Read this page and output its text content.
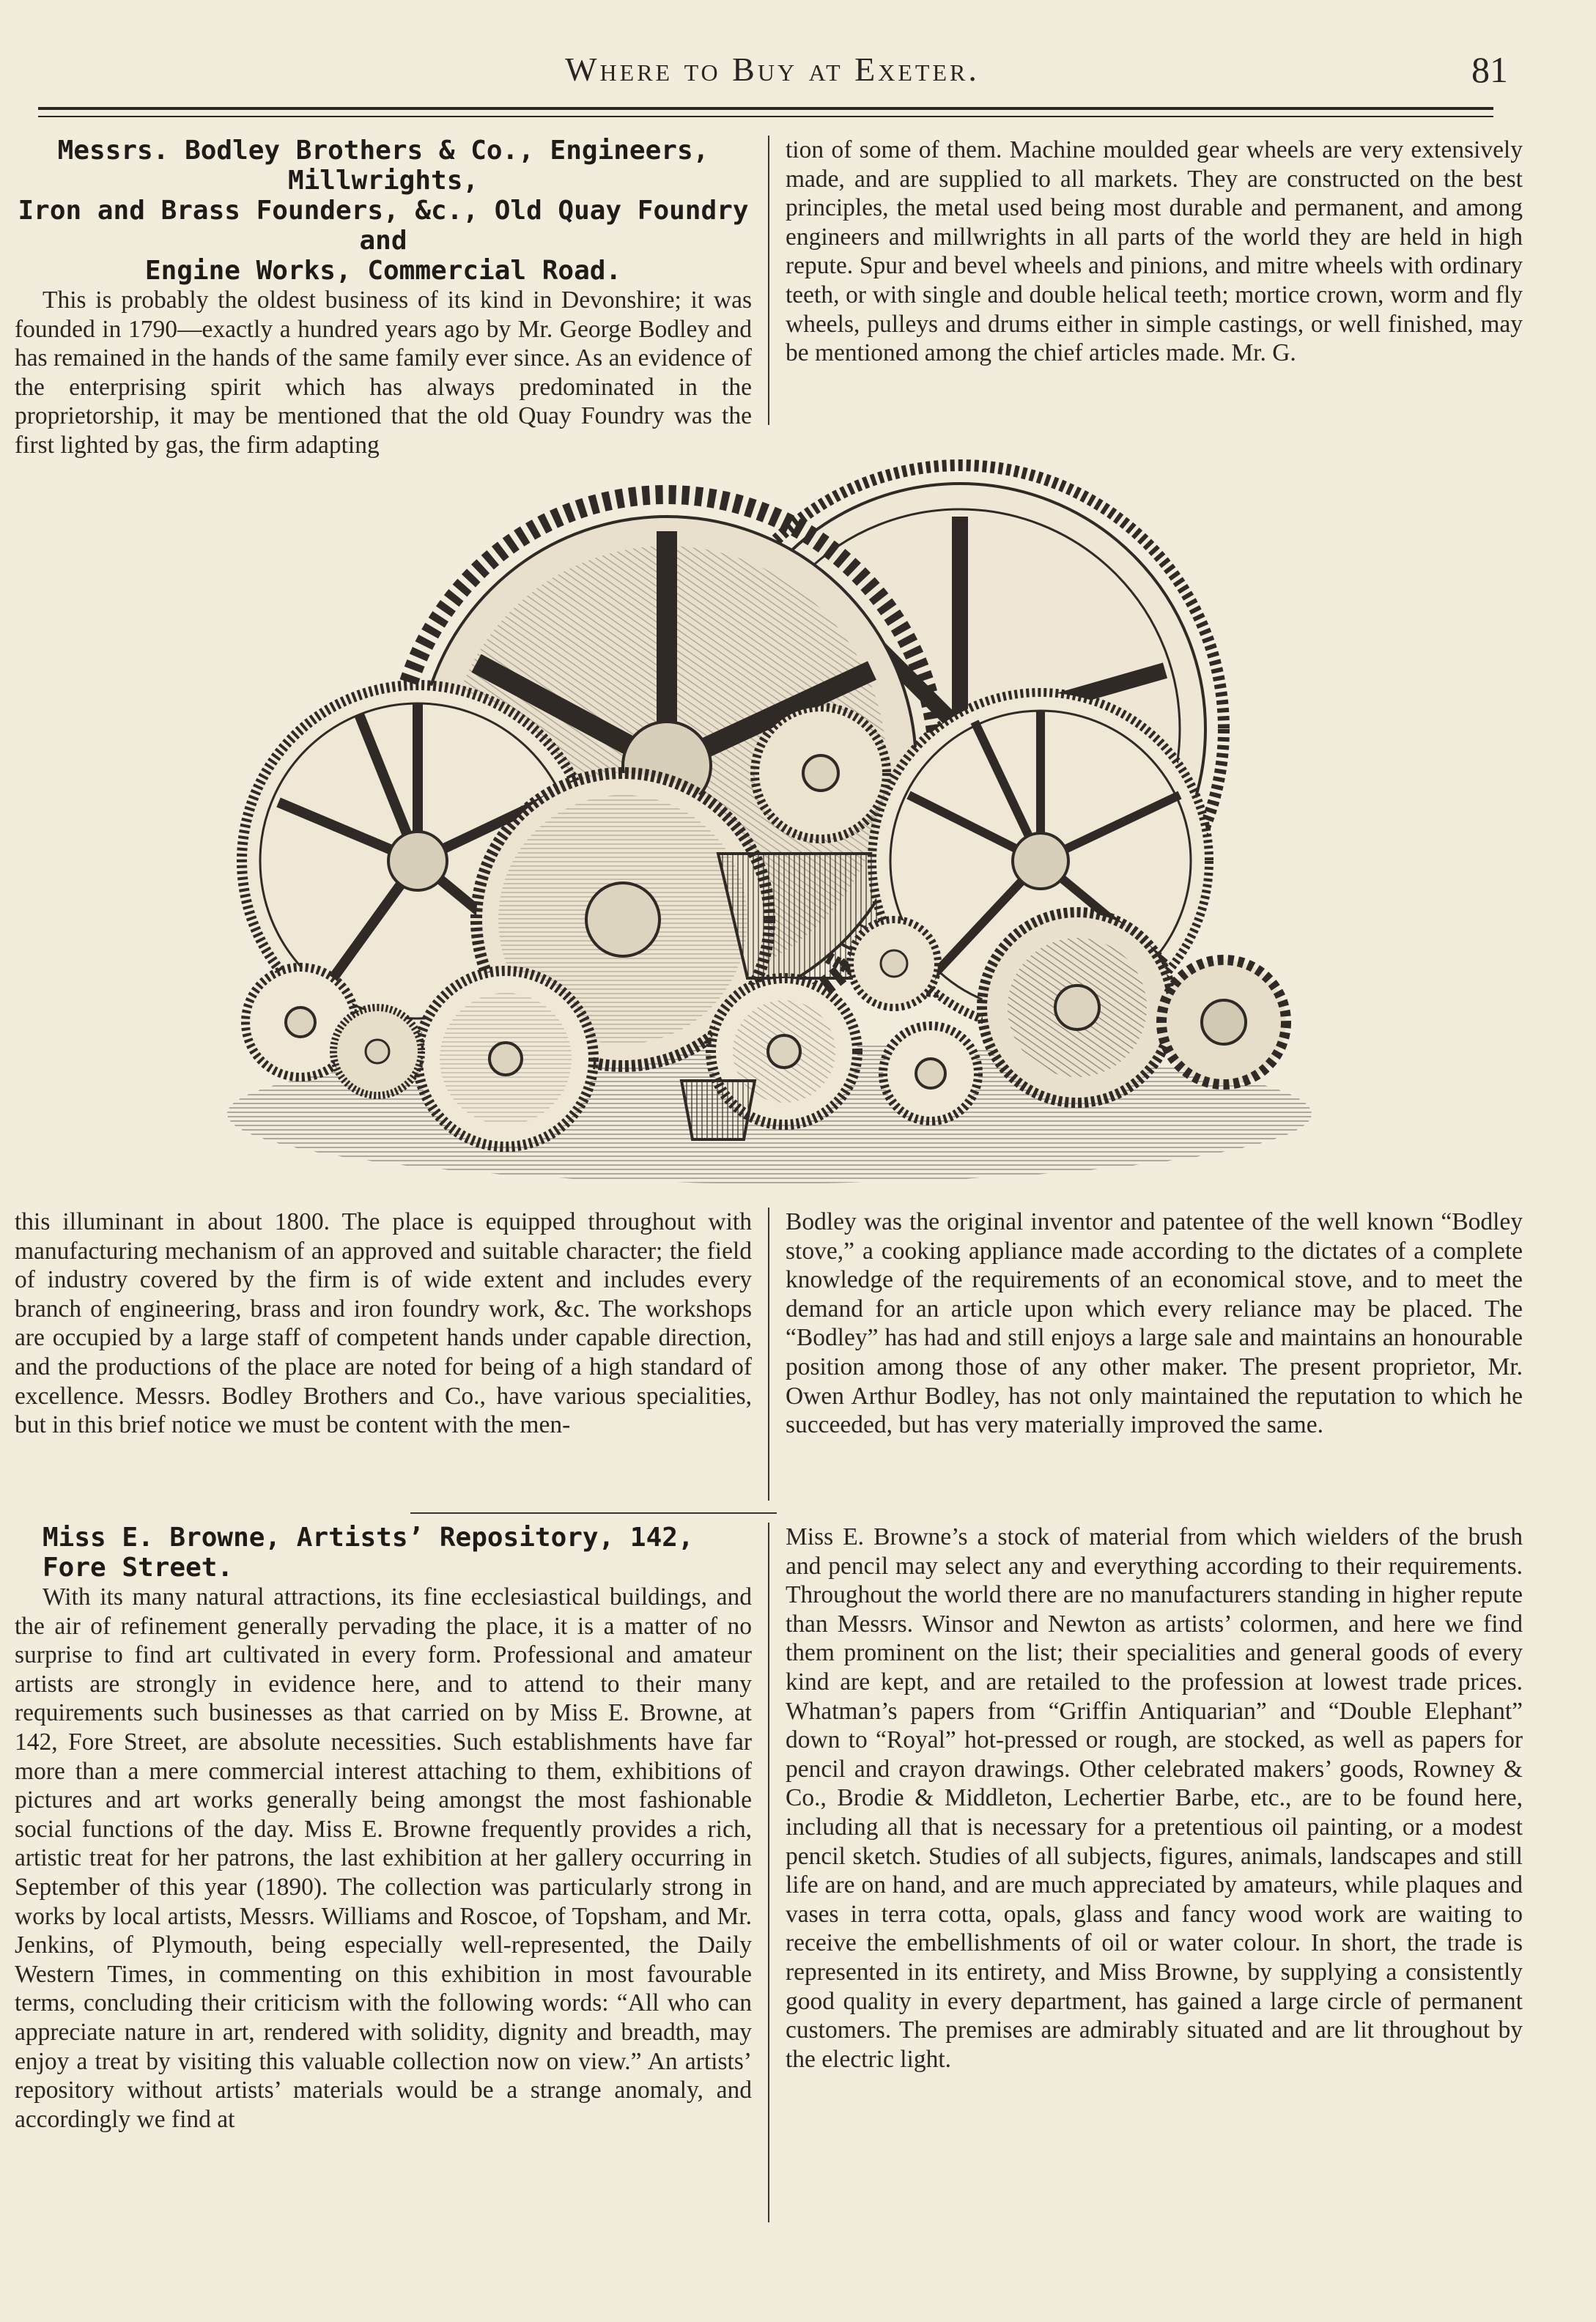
Where to Buy at Exeter.	81

Messrs. Bodley Brothers & Co., Engineers, Millwrights,

Iron and Brass Founders, &c., Old Quay Foundry and

Engine Works, Commercial Road.

This is probably the oldest business of its kind in Devonshire; it was founded in 1790—exactly a hundred years ago by Mr. George Bodley and has remained in the hands of the same family ever since. As an evidence of the enterprising spirit which has always predominated in the proprietorship, it may be mentioned that the old Quay Foundry was the first lighted by gas, the firm adapting

tion of some of them. Machine moulded gear wheels are very extensively made, and are supplied to all markets. They are constructed on the best principles, the metal used being most durable and permanent, and among engineers and millwrights in all parts of the world they are held in high repute. Spur and bevel wheels and pinions, and mitre wheels with ordinary teeth, or with single and double helical teeth; mortice crown, worm and fly wheels, pulleys and drums either in simple castings, or well finished, may be mentioned among the chief articles made. Mr. G.

this illuminant in about 1800. The place is equipped throughout with manufacturing mechanism of an approved and suitable character; the field of industry covered by the firm is of wide extent and includes every branch of engineering, brass and iron foundry work, &c. The workshops are occupied by a large staff of competent hands under capable direction, and the productions of the place are noted for being of a high standard of excellence. Messrs. Bodley Brothers and Co., have various specialities, but in this brief notice we must be content with the men-

Bodley was the original inventor and patentee of the well known “Bodley stove,” a cooking appliance made according to the dictates of a complete knowledge of the requirements of an economical stove, and to meet the demand for an article upon which every reliance may be placed. The “Bodley” has had and still enjoys a large sale and maintains an honourable position among those of any other maker. The present proprietor, Mr. Owen Arthur Bodley, has not only maintained the reputation to which he succeeded, but has very materially improved the same.

Miss E. Browne, Artists’ Repository, 142, Fore Street.

With its many natural attractions, its fine ecclesiastical buildings, and the air of refinement generally pervading the place, it is a matter of no surprise to find art cultivated in every form. Professional and amateur artists are strongly in evidence here, and to attend to their many requirements such businesses as that carried on by Miss E. Browne, at 142, Fore Street, are absolute necessities. Such establishments have far more than a mere commercial interest attaching to them, exhibitions of pictures and art works generally being amongst the most fashionable social functions of the day. Miss E. Browne frequently provides a rich, artistic treat for her patrons, the last exhibition at her gallery occurring in September of this year (1890). The collection was particularly strong in works by local artists, Messrs. Williams and Roscoe, of Topsham, and Mr. Jenkins, of Plymouth, being especially well-represented, the Daily Western Times, in commenting on this exhibition in most favourable terms, concluding their criticism with the following words: “All who can appreciate nature in art, rendered with solidity, dignity and breadth, may enjoy a treat by visiting this valuable collection now on view.” An artists’ repository without artists’ materials would be a strange anomaly, and accordingly we find at

Miss E. Browne’s a stock of material from which wielders of the brush and pencil may select any and everything according to their requirements. Throughout the world there are no manufacturers standing in higher repute than Messrs. Winsor and Newton as artists’ colormen, and here we find them prominent on the list; their specialities and general goods of every kind are kept, and are retailed to the profession at lowest trade prices. Whatman’s papers from “Griffin Antiquarian” and “Double Elephant” down to “Royal” hot-pressed or rough, are stocked, as well as papers for pencil and crayon drawings. Other celebrated makers’ goods, Rowney & Co., Brodie & Middleton, Lechertier Barbe, etc., are to be found here, including all that is necessary for a pretentious oil painting, or a modest pencil sketch. Studies of all subjects, figures, animals, landscapes and still life are on hand, and are much appreciated by amateurs, while plaques and vases in terra cotta, opals, glass and fancy wood work are waiting to receive the embellishments of oil or water colour. In short, the trade is represented in its entirety, and Miss Browne, by supplying a consistently good quality in every department, has gained a large circle of permanent customers. The premises are admirably situated and are lit throughout by the electric light.
